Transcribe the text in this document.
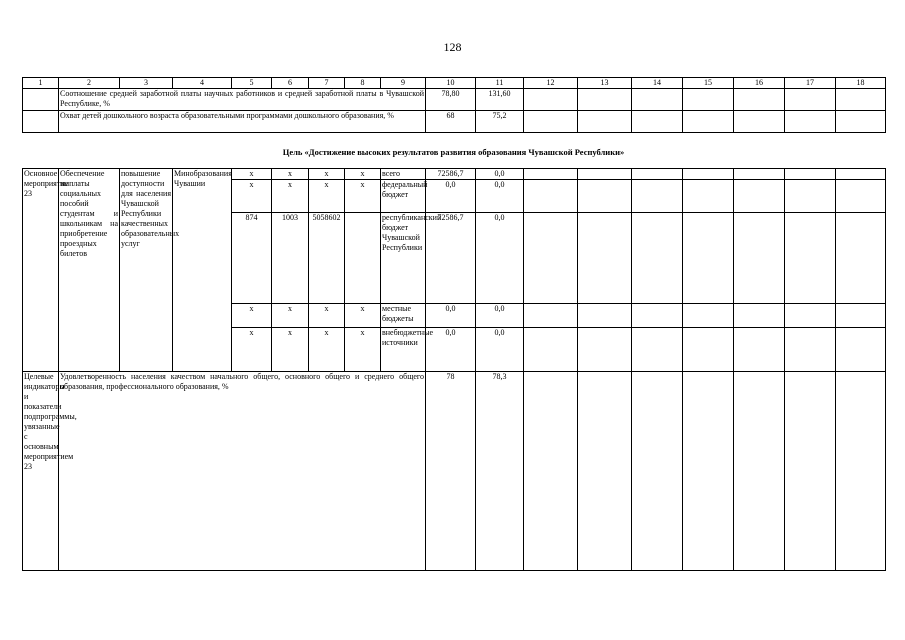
128
1	2	3	4	5	6	7	8	9	10	11	12	13	14	15	16	17	18
	Соотношение средней заработной платы научных работников и средней заработной платы в Чувашской Республике, %								78,80	131,60							
	Охват детей дошкольного возраста образовательными программами дошкольного образования, %								68	75,2							
Цель «Достижение высоких результатов развития образования Чувашской Республики»
Основное мероприятие 23	Обеспечение выплаты социальных пособий студентам и школьникам на приобретение проездных билетов	повышение доступности для населения Чувашской Республики качественных образовательных услуг	Минобразования Чувашии	x	x	x	x	всего	72586,7	0,0							
				x	x	x	x	федеральный бюджет	0,0	0,0							
				874	1003	5058602		республиканский бюджет Чувашской Республики	72586,7	0,0							
				x	x	x	x	местные бюджеты	0,0	0,0							
				x	x	x	x	внебюджетные источники	0,0	0,0							
Целевые индикаторы и показатели подпрограммы, увязанные с основным мероприятием 23	Удовлетворенность населения качеством начального общего, основного общего и среднего общего образования, профессионального образования, %								78	78,3							
